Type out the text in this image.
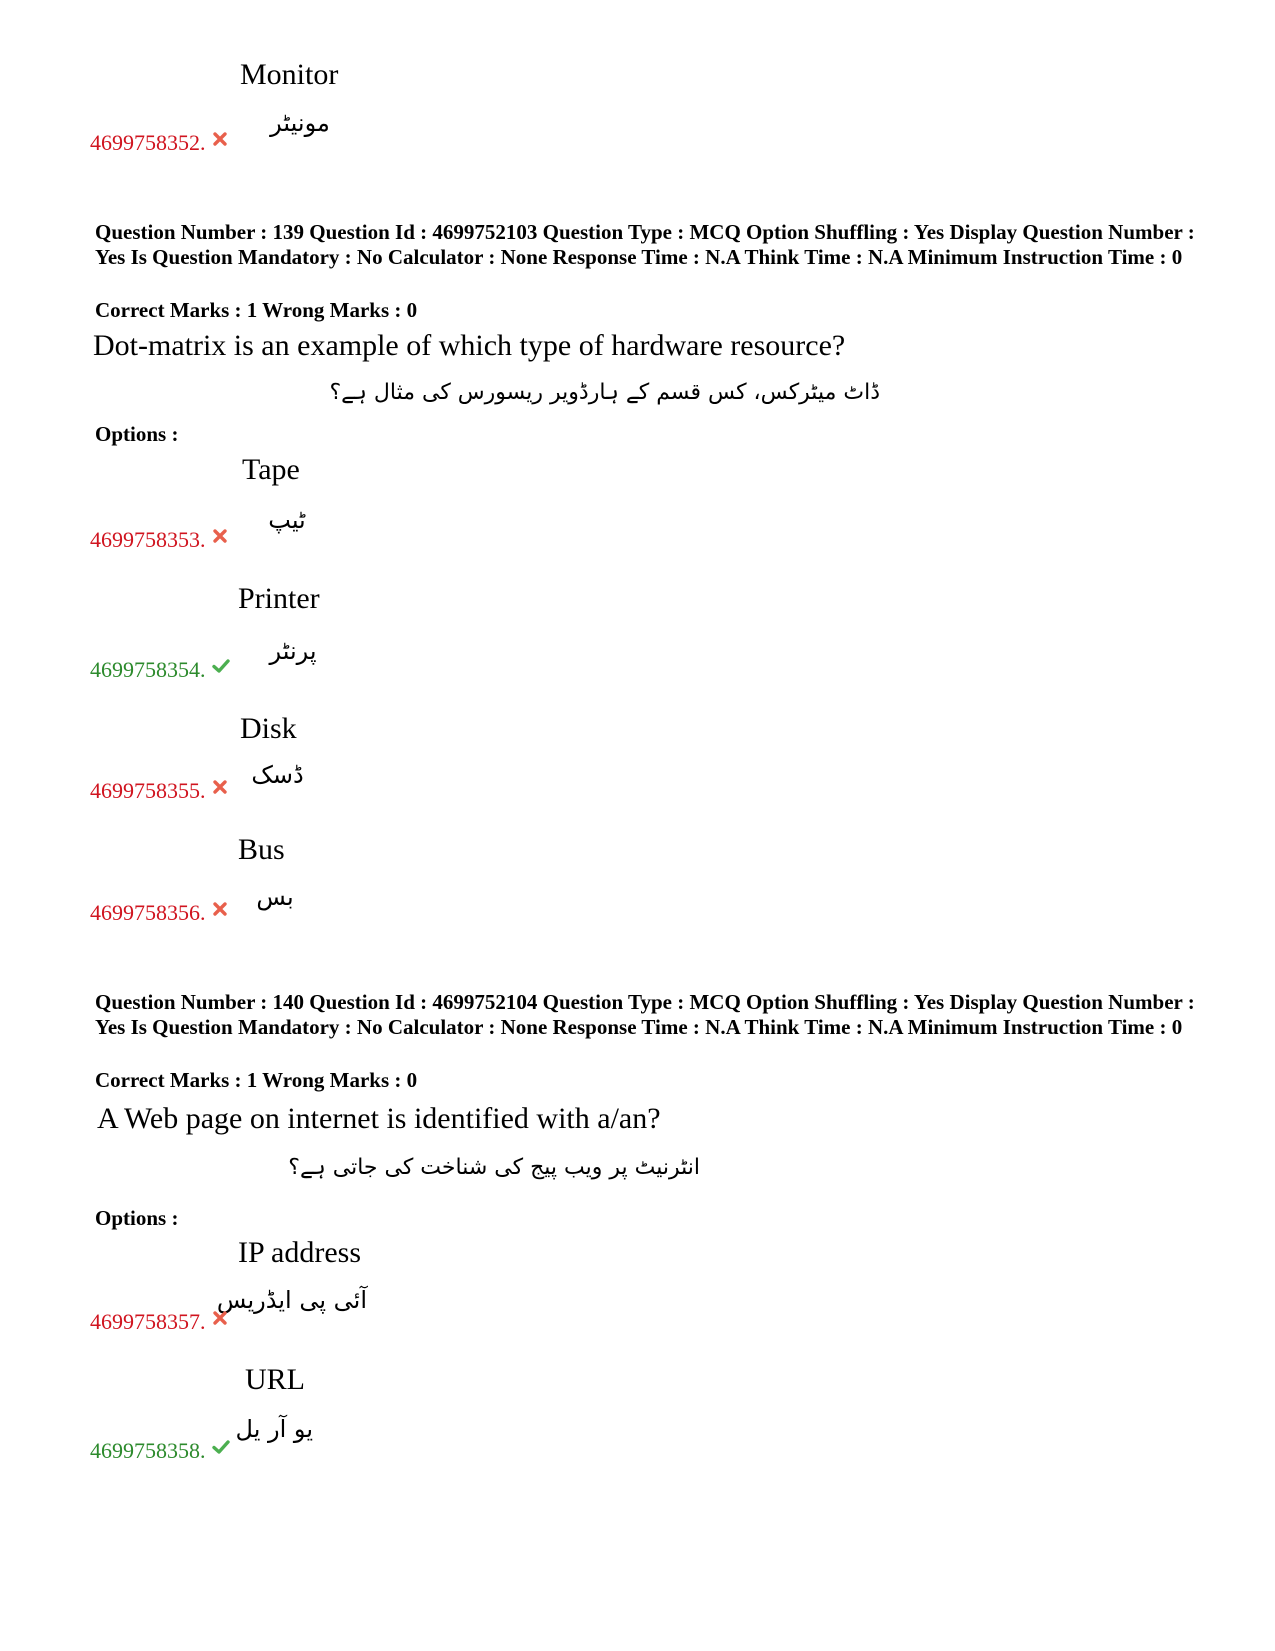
Monitor
مونیٹر
4699758352.
Question Number : 139 Question Id : 4699752103 Question Type : MCQ Option Shuffling : Yes Display Question Number : Yes Is Question Mandatory : No Calculator : None Response Time : N.A Think Time : N.A Minimum Instruction Time : 0
Correct Marks : 1 Wrong Marks : 0
Dot-matrix is an example of which type of hardware resource?
ڈاٹ میٹرکس، کس قسم کے ہارڈویر ریسورس کی مثال ہے؟
Options :
Tape
ٹیپ
4699758353.
Printer
پرنٹر
4699758354.
Disk
ڈسک
4699758355.
Bus
بس
4699758356.
Question Number : 140 Question Id : 4699752104 Question Type : MCQ Option Shuffling : Yes Display Question Number : Yes Is Question Mandatory : No Calculator : None Response Time : N.A Think Time : N.A Minimum Instruction Time : 0
Correct Marks : 1 Wrong Marks : 0
A Web page on internet is identified with a/an?
انٹرنیٹ پر ویب پیج کی شناخت کی جاتی ہے؟
Options :
IP address
آئی پی ایڈریس
4699758357.
URL
یو آر یل
4699758358.
